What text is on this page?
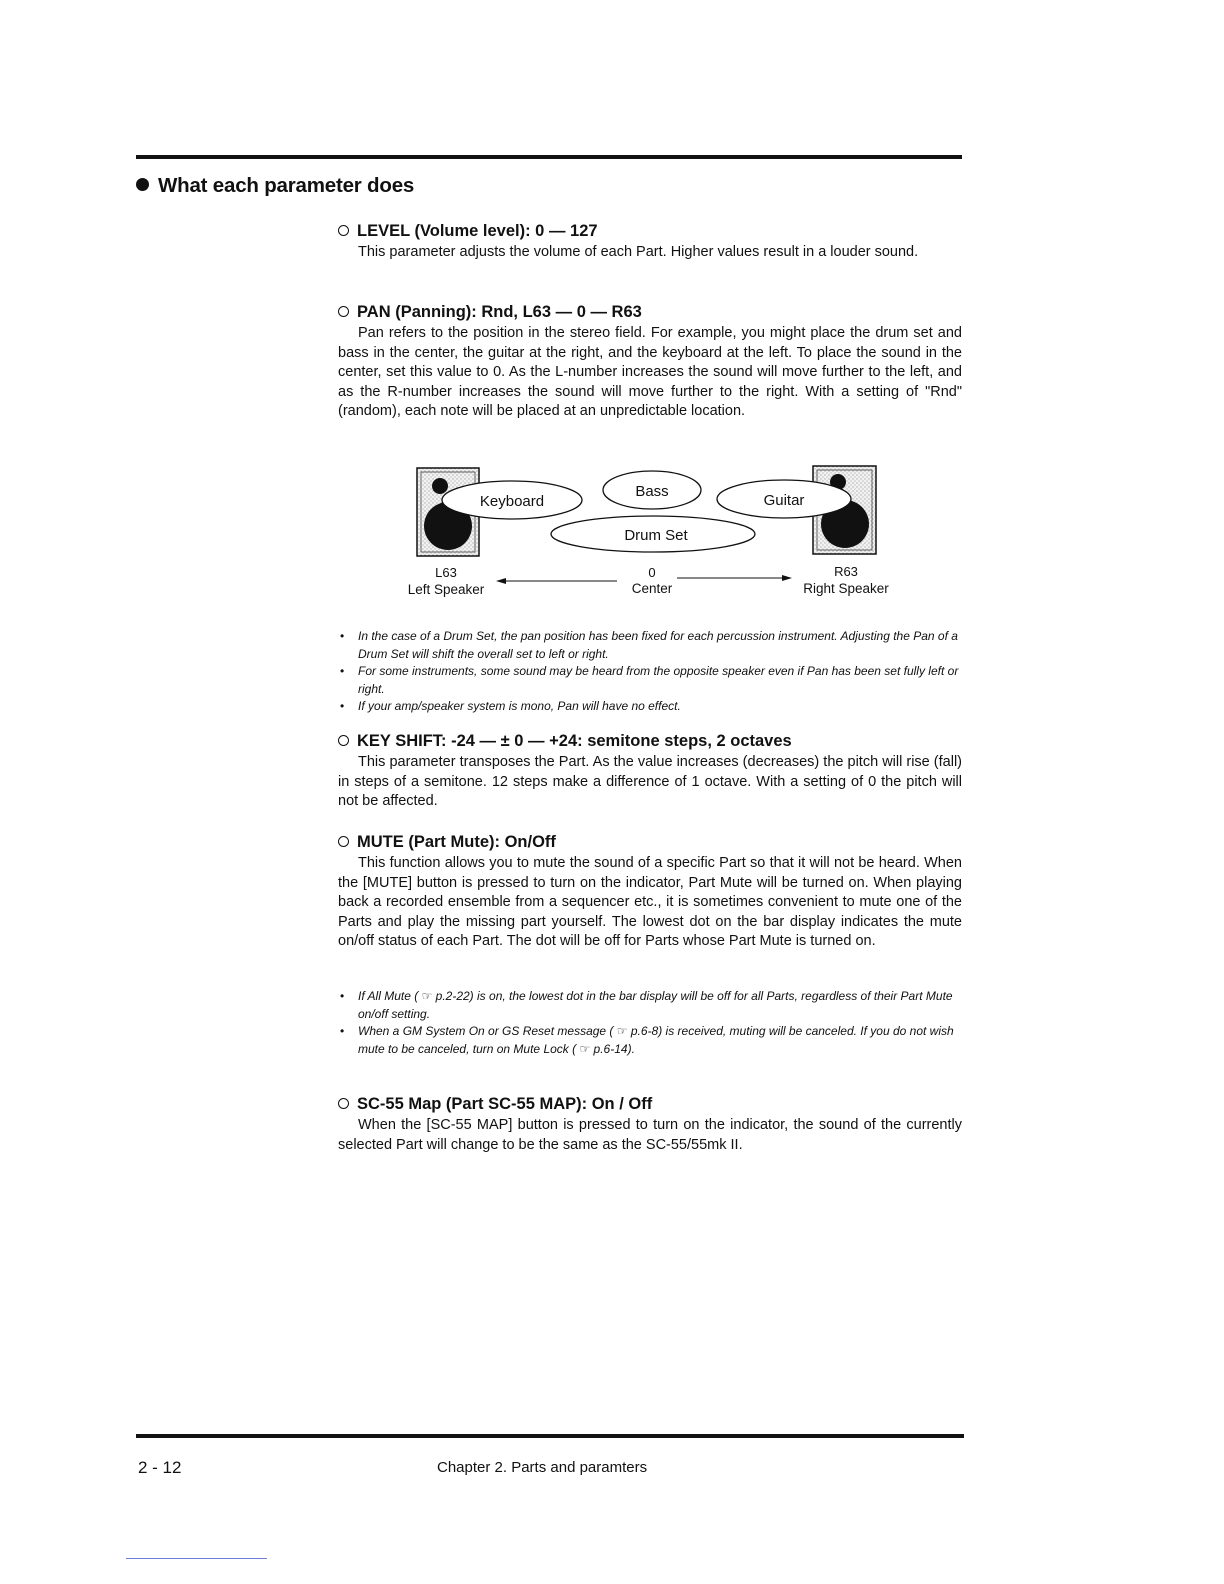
What each parameter does
LEVEL (Volume level): 0 — 127

This parameter adjusts the volume of each Part. Higher values result in a louder sound.

PAN (Panning): Rnd, L63 — 0 — R63

Pan refers to the position in the stereo field. For example, you might place the drum set and bass in the center, the guitar at the right, and the keyboard at the left. To place the sound in the center, set this value to 0. As the L-number increases the sound will move further to the left, and as the R-number increases the sound will move further to the right. With a setting of "Rnd" (random), each note will be placed at an unpredictable location.

Keyboard
Bass
Guitar
Drum Set
L63
Left Speaker
0
Center
R63
Right Speaker
• In the case of a Drum Set, the pan position has been fixed for each percussion instrument. Adjusting the Pan of a Drum Set will shift the overall set to left or right.
• For some instruments, some sound may be heard from the opposite speaker even if Pan has been set fully left or right.
• If your amp/speaker system is mono, Pan will have no effect.
KEY SHIFT: -24 — ± 0 — +24: semitone steps, 2 octaves

This parameter transposes the Part. As the value increases (decreases) the pitch will rise (fall) in steps of a semitone. 12 steps make a difference of 1 octave. With a setting of 0 the pitch will not be affected.

MUTE (Part Mute): On/Off

This function allows you to mute the sound of a specific Part so that it will not be heard. When the [MUTE] button is pressed to turn on the indicator, Part Mute will be turned on. When playing back a recorded ensemble from a sequencer etc., it is sometimes convenient to mute one of the Parts and play the missing part yourself. The lowest dot on the bar display indicates the mute on/off status of each Part. The dot will be off for Parts whose Part Mute is turned on.

• If All Mute ( ☞ p.2-22) is on, the lowest dot in the bar display will be off for all Parts, regardless of their Part Mute on/off setting.
• When a GM System On or GS Reset message ( ☞ p.6-8) is received, muting will be canceled. If you do not wish mute to be canceled, turn on Mute Lock ( ☞ p.6-14).
SC-55 Map (Part SC-55 MAP): On / Off

When the [SC-55 MAP] button is pressed to turn on the indicator, the sound of the currently selected Part will change to be the same as the SC-55/55mk II.

2 - 12	Chapter 2. Parts and paramters
